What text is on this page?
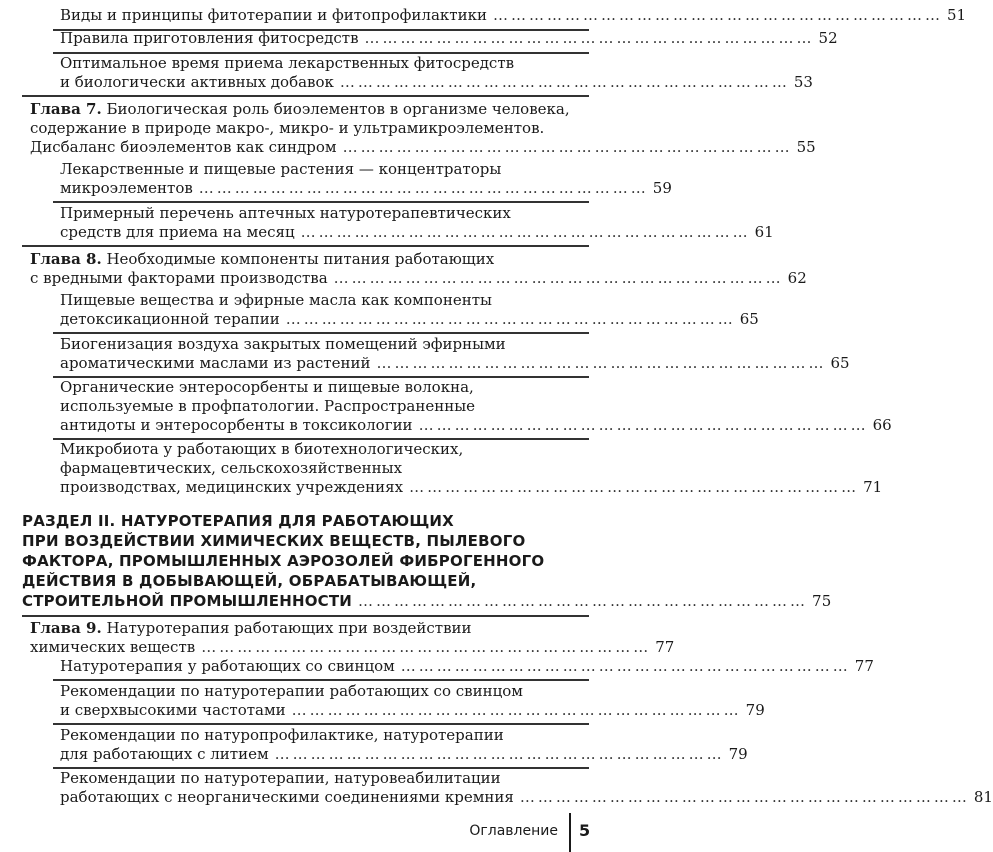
Виды и принципы фитотерапии и фитопрофилактики ………………………………………………………………… 51
Правила приготовления фитосредств ………………………………………………………………… 52
Оптимальное время приема лекарственных фитосредств
и биологически активных добавок ………………………………………………………………… 53
Глава 7. Биологическая роль биоэлементов в организме человека,
содержание в природе макро-, микро- и ультрамикроэлементов.
Дисбаланс биоэлементов как синдром ………………………………………………………………… 55
Лекарственные и пищевые растения — концентраторы
микроэлементов ………………………………………………………………… 59
Примерный перечень аптечных натуротерапевтических
средств для приема на месяц ………………………………………………………………… 61
Глава 8. Необходимые компоненты питания работающих
с вредными факторами производства ………………………………………………………………… 62
Пищевые вещества и эфирные масла как компоненты
детоксикационной терапии ………………………………………………………………… 65
Биогенизация воздуха закрытых помещений эфирными
ароматическими маслами из растений ………………………………………………………………… 65
Органические энтеросорбенты и пищевые волокна,
используемые в профпатологии. Распространенные
антидоты и энтеросорбенты в токсикологии ………………………………………………………………… 66
Микробиота у работающих в биотехнологических,
фармацевтических, сельскохозяйственных
производствах, медицинских учреждениях ………………………………………………………………… 71
РАЗДЕЛ II. НАТУРОТЕРАПИЯ ДЛЯ РАБОТАЮЩИХ
ПРИ ВОЗДЕЙСТВИИ ХИМИЧЕСКИХ ВЕЩЕСТВ, ПЫЛЕВОГО
ФАКТОРА, ПРОМЫШЛЕННЫХ АЭРОЗОЛЕЙ ФИБРОГЕННОГО
ДЕЙСТВИЯ В ДОБЫВАЮЩЕЙ, ОБРАБАТЫВАЮЩЕЙ,
СТРОИТЕЛЬНОЙ ПРОМЫШЛЕННОСТИ ………………………………………………………………… 75
Глава 9. Натуротерапия работающих при воздействии
химических веществ ………………………………………………………………… 77
Натуротерапия у работающих со свинцом ………………………………………………………………… 77
Рекомендации по натуротерапии работающих со свинцом
и сверхвысокими частотами ………………………………………………………………… 79
Рекомендации по натуропрофилактике, натуротерапии
для работающих с литием ………………………………………………………………… 79
Рекомендации по натуротерапии, натуровеабилитации
работающих с неорганическими соединениями кремния ………………………………………………………………… 81
Оглавление 5
